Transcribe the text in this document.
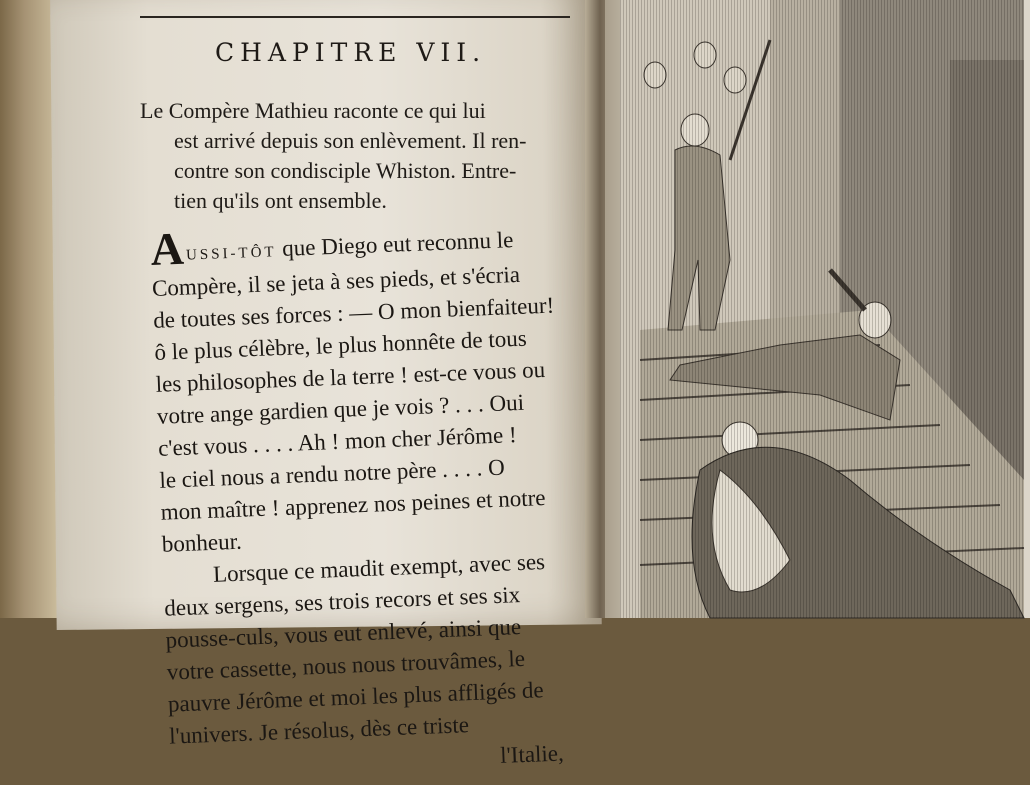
CHAPITRE VII.
Le Compère Mathieu raconte ce qui lui
est arrivé depuis son enlèvement. Il ren-
contre son condisciple Whiston. Entre-
tien qu'ils ont ensemble.
AUSSI-TÔT que Diego eut reconnu le
Compère, il se jeta à ses pieds, et s'écria
de toutes ses forces : — O mon bienfaiteur!
ô le plus célèbre, le plus honnête de tous
les philosophes de la terre ! est-ce vous ou
votre ange gardien que je vois ? . . . Oui
c'est vous . . . . Ah ! mon cher Jérôme !
le ciel nous a rendu notre père . . . . O
mon maître ! apprenez nos peines et notre
bonheur.
Lorsque ce maudit exempt, avec ses
deux sergens, ses trois recors et ses six
pousse-culs, vous eut enlevé, ainsi que
votre cassette, nous nous trouvâmes, le
pauvre Jérôme et moi les plus affligés de
l'univers. Je résolus, dès ce triste
l'Italie,
